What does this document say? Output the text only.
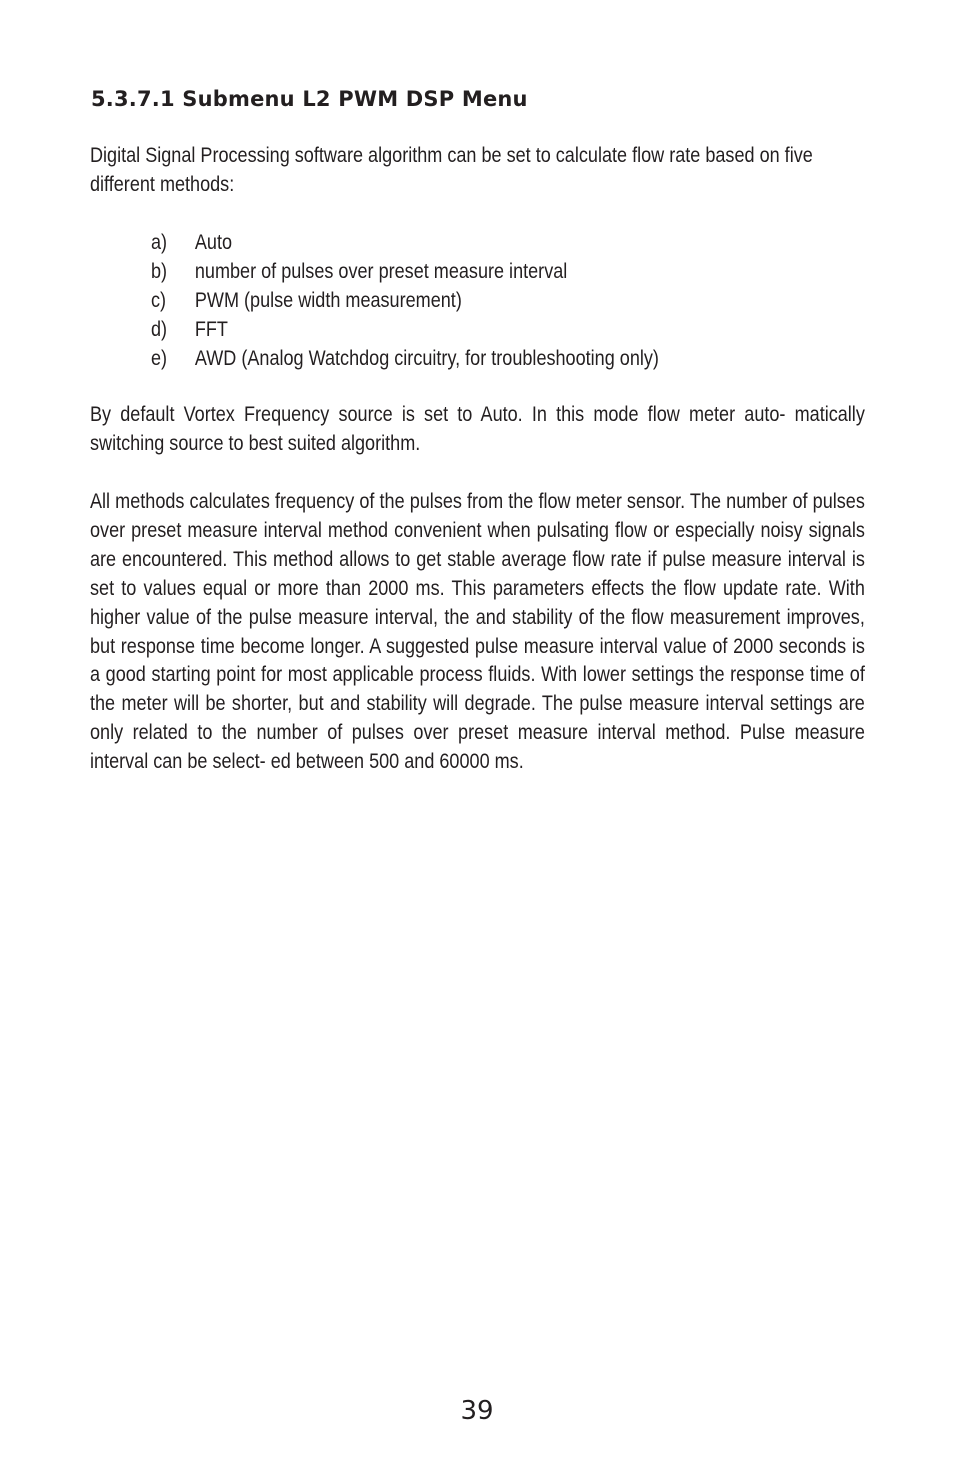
5.3.7.1 Submenu L2 PWM DSP Menu

Digital Signal Processing software algorithm can be set to calculate flow rate based on five different methods:

a)	Auto
b)	number of pulses over preset measure interval
c)	PWM (pulse width measurement)
d)	FFT
e)	AWD (Analog Watchdog circuitry, for troubleshooting only)

By default Vortex Frequency source is set to Auto. In this mode flow meter auto- matically switching source to best suited algorithm.

All methods calculates frequency of the pulses from the flow meter sensor. The number of pulses over preset measure interval method convenient when pulsating flow or especially noisy signals are encountered. This method allows to get stable average flow rate if pulse measure interval is set to values equal or more than 2000 ms. This parameters effects the flow update rate. With higher value of the pulse measure interval, the and stability of the flow measurement improves, but response time become longer. A suggested pulse measure interval value of 2000 seconds is a good starting point for most applicable process fluids. With lower settings the response time of the meter will be shorter, but and stability will degrade. The pulse measure interval settings are only related to the number of pulses over preset measure interval method. Pulse measure interval can be select- ed between 500 and 60000 ms.

39
